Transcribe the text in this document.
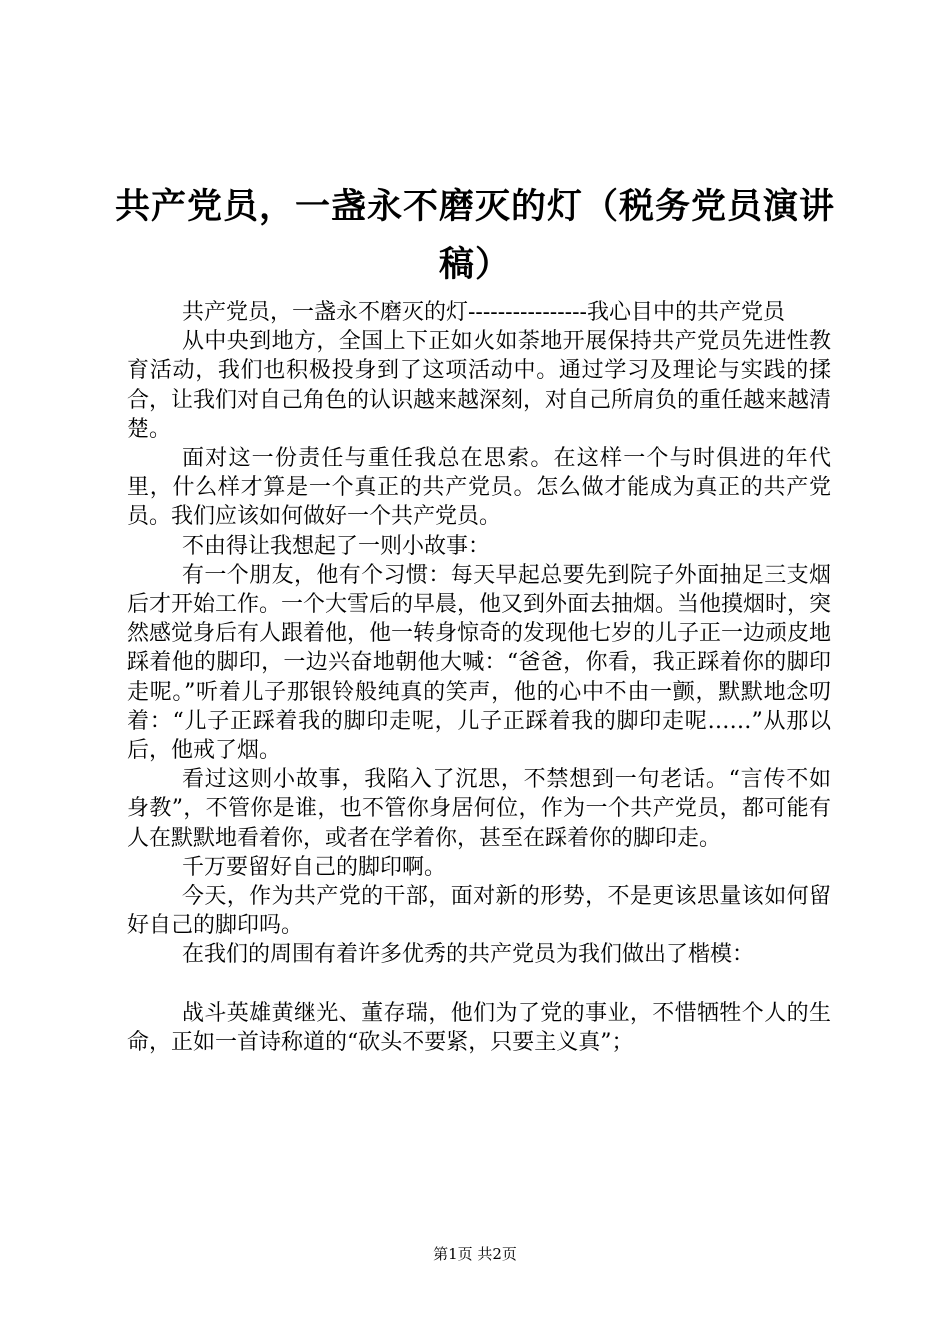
共产党员，一盏永不磨灭的灯（税务党员演讲稿）

共产党员，一盏永不磨灭的灯----------------我心目中的共产党员

从中央到地方，全国上下正如火如荼地开展保持共产党员先进性教育活动，我们也积极投身到了这项活动中。通过学习及理论与实践的揉合，让我们对自己角色的认识越来越深刻，对自己所肩负的重任越来越清楚。

面对这一份责任与重任我总在思索。在这样一个与时俱进的年代里，什么样才算是一个真正的共产党员。怎么做才能成为真正的共产党员。我们应该如何做好一个共产党员。

不由得让我想起了一则小故事：

有一个朋友，他有个习惯：每天早起总要先到院子外面抽足三支烟后才开始工作。一个大雪后的早晨，他又到外面去抽烟。当他摸烟时，突然感觉身后有人跟着他，他一转身惊奇的发现他七岁的儿子正一边顽皮地踩着他的脚印，一边兴奋地朝他大喊：“爸爸，你看，我正踩着你的脚印走呢。”听着儿子那银铃般纯真的笑声，他的心中不由一颤，默默地念叨着：“儿子正踩着我的脚印走呢，儿子正踩着我的脚印走呢……”从那以后，他戒了烟。

看过这则小故事，我陷入了沉思，不禁想到一句老话。“言传不如身教”，不管你是谁，也不管你身居何位，作为一个共产党员，都可能有人在默默地看着你，或者在学着你，甚至在踩着你的脚印走。

千万要留好自己的脚印啊。

今天，作为共产党的干部，面对新的形势，不是更该思量该如何留好自己的脚印吗。

在我们的周围有着许多优秀的共产党员为我们做出了楷模：

战斗英雄黄继光、董存瑞，他们为了党的事业，不惜牺牲个人的生命，正如一首诗称道的“砍头不要紧，只要主义真”；

第1页 共2页
